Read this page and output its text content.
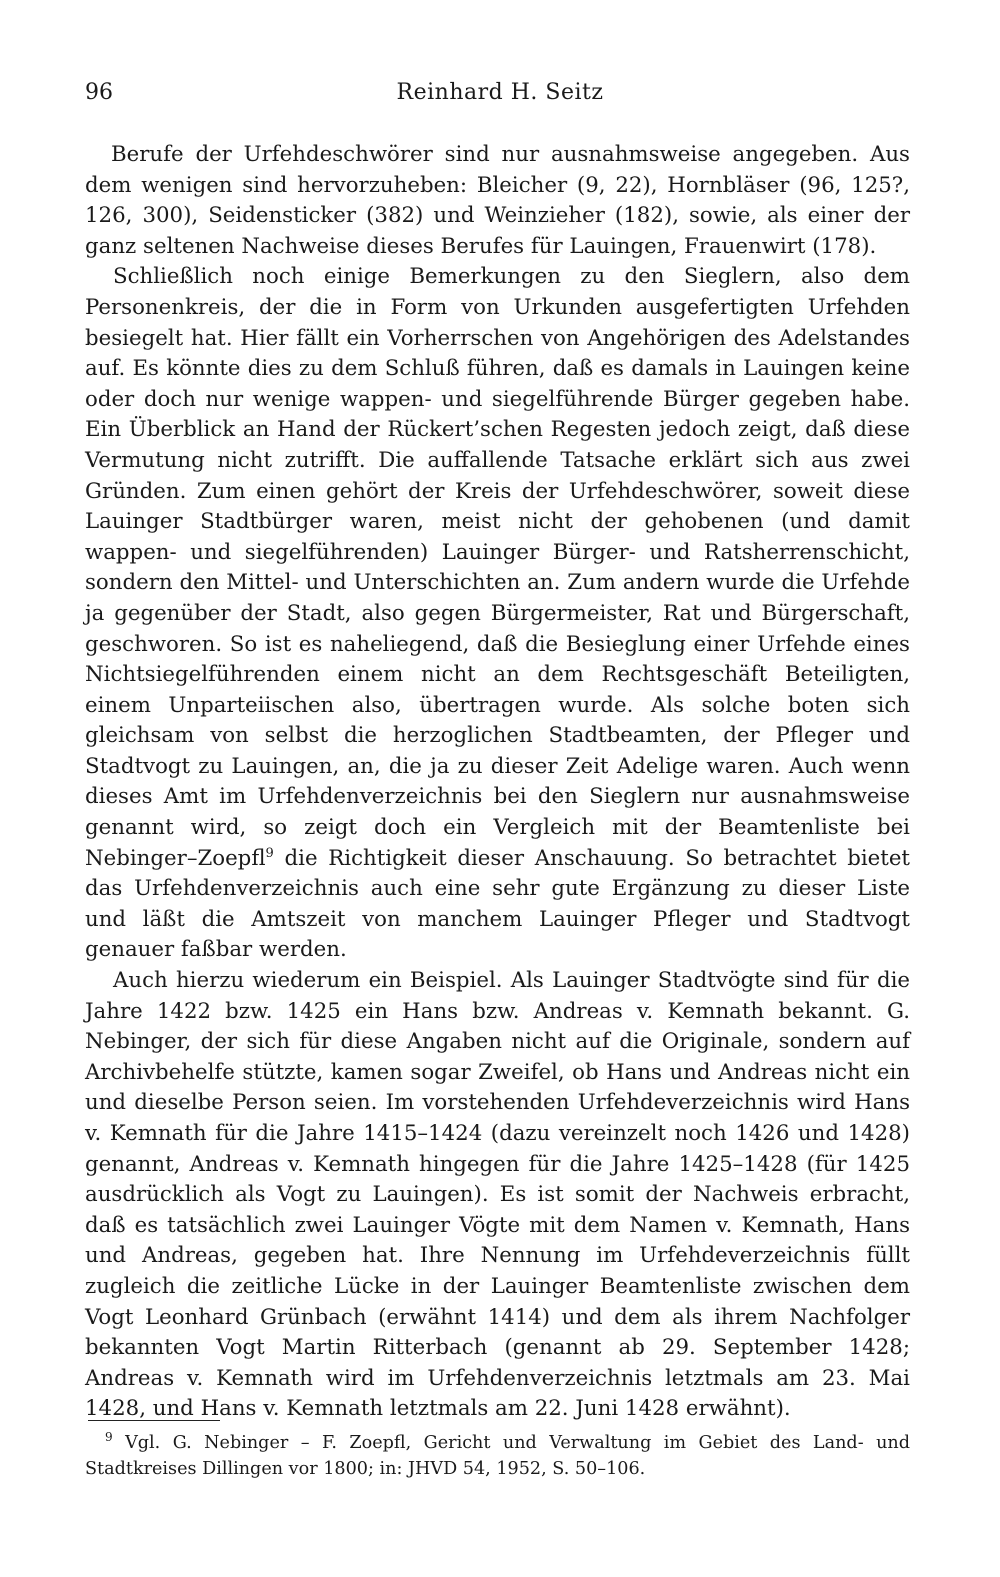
96	Reinhard H. Seitz

Berufe der Urfehdeschwörer sind nur ausnahmsweise angegeben. Aus dem wenigen sind hervorzuheben: Bleicher (9, 22), Hornbläser (96, 125?, 126, 300), Seidensticker (382) und Weinzieher (182), sowie, als einer der ganz seltenen Nachweise dieses Berufes für Lauingen, Frauenwirt (178).

Schließlich noch einige Bemerkungen zu den Sieglern, also dem Personenkreis, der die in Form von Urkunden ausgefertigten Urfehden besiegelt hat. Hier fällt ein Vorherrschen von Angehörigen des Adelstandes auf. Es könnte dies zu dem Schluß führen, daß es damals in Lauingen keine oder doch nur wenige wappen- und siegelführende Bürger gegeben habe. Ein Überblick an Hand der Rückert’schen Regesten jedoch zeigt, daß diese Vermutung nicht zutrifft. Die auffallende Tatsache erklärt sich aus zwei Gründen. Zum einen gehört der Kreis der Urfehdeschwörer, soweit diese Lauinger Stadtbürger waren, meist nicht der gehobenen (und damit wappen- und siegelführenden) Lauinger Bürger- und Ratsherrenschicht, sondern den Mittel- und Unterschichten an. Zum andern wurde die Urfehde ja gegenüber der Stadt, also gegen Bürgermeister, Rat und Bürgerschaft, geschworen. So ist es naheliegend, daß die Besieglung einer Urfehde eines Nichtsiegelführenden einem nicht an dem Rechtsgeschäft Beteiligten, einem Unparteiischen also, übertragen wurde. Als solche boten sich gleichsam von selbst die herzoglichen Stadtbeamten, der Pfleger und Stadtvogt zu Lauingen, an, die ja zu dieser Zeit Adelige waren. Auch wenn dieses Amt im Urfehdenverzeichnis bei den Sieglern nur ausnahmsweise genannt wird, so zeigt doch ein Vergleich mit der Beamtenliste bei Nebinger–Zoepfl$^9$ die Richtigkeit dieser Anschauung. So betrachtet bietet das Urfehdenverzeichnis auch eine sehr gute Ergänzung zu dieser Liste und läßt die Amtszeit von manchem Lauinger Pfleger und Stadtvogt genauer faßbar werden.

Auch hierzu wiederum ein Beispiel. Als Lauinger Stadtvögte sind für die Jahre 1422 bzw. 1425 ein Hans bzw. Andreas v. Kemnath bekannt. G. Nebinger, der sich für diese Angaben nicht auf die Originale, sondern auf Archivbehelfe stützte, kamen sogar Zweifel, ob Hans und Andreas nicht ein und dieselbe Person seien. Im vorstehenden Urfehdeverzeichnis wird Hans v. Kemnath für die Jahre 1415–1424 (dazu vereinzelt noch 1426 und 1428) genannt, Andreas v. Kemnath hingegen für die Jahre 1425–1428 (für 1425 ausdrücklich als Vogt zu Lauingen). Es ist somit der Nachweis erbracht, daß es tatsächlich zwei Lauinger Vögte mit dem Namen v. Kemnath, Hans und Andreas, gegeben hat. Ihre Nennung im Urfehdeverzeichnis füllt zugleich die zeitliche Lücke in der Lauinger Beamtenliste zwischen dem Vogt Leonhard Grünbach (erwähnt 1414) und dem als ihrem Nachfolger bekannten Vogt Martin Ritterbach (genannt ab 29. September 1428; Andreas v. Kemnath wird im Urfehdenverzeichnis letztmals am 23. Mai 1428, und Hans v. Kemnath letztmals am 22. Juni 1428 erwähnt).

$^9$ Vgl. G. Nebinger – F. Zoepfl, Gericht und Verwaltung im Gebiet des Land- und Stadtkreises Dillingen vor 1800; in: JHVD 54, 1952, S. 50–106.
